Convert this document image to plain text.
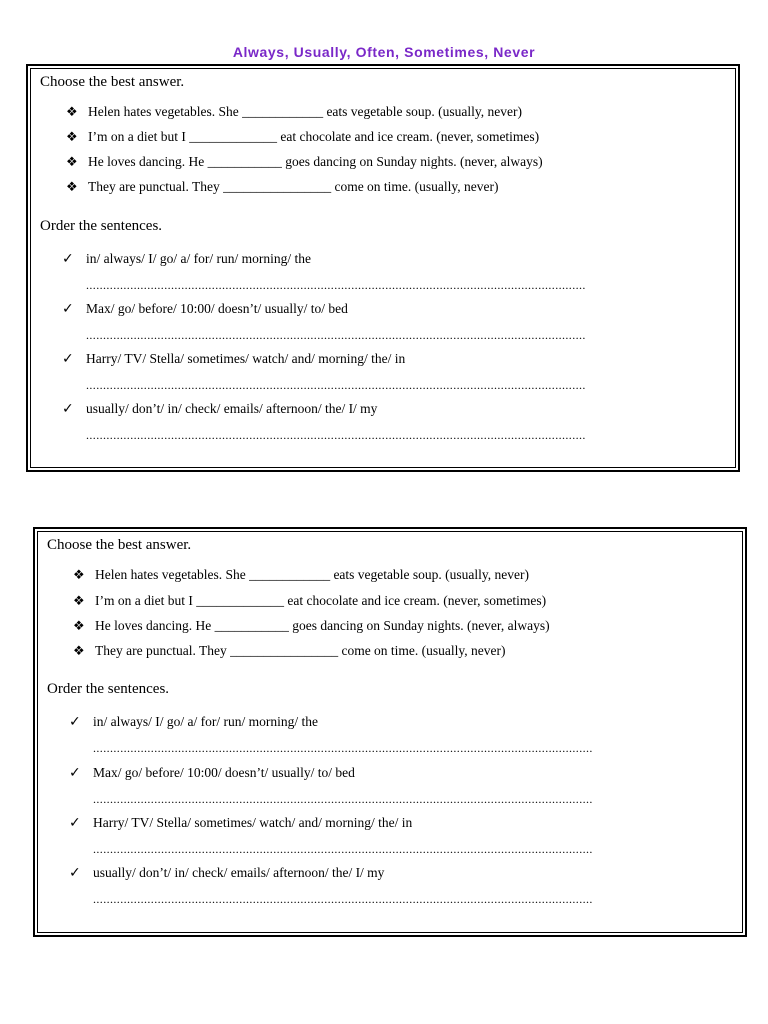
Always, Usually, Often, Sometimes, Never
Choose the best answer.
❖ Helen hates vegetables. She ____________ eats vegetable soup. (usually, never)
❖ I’m on a diet but I _____________ eat chocolate and ice cream. (never, sometimes)
❖ He loves dancing. He ___________ goes dancing on Sunday nights. (never, always)
❖ They are punctual. They ________________ come on time. (usually, never)
Order the sentences.
✓ in/ always/ I/ go/ a/ for/ run/ morning/ the
...................................................................................................................................................
✓ Max/ go/ before/ 10:00/ doesn’t/ usually/ to/ bed
...................................................................................................................................................
✓ Harry/ TV/ Stella/ sometimes/ watch/ and/ morning/ the/ in
...................................................................................................................................................
✓ usually/ don’t/ in/ check/ emails/ afternoon/ the/ I/ my
...................................................................................................................................................
Choose the best answer.
❖ Helen hates vegetables. She ____________ eats vegetable soup. (usually, never)
❖ I’m on a diet but I _____________ eat chocolate and ice cream. (never, sometimes)
❖ He loves dancing. He ___________ goes dancing on Sunday nights. (never, always)
❖ They are punctual. They ________________ come on time. (usually, never)
Order the sentences.
✓ in/ always/ I/ go/ a/ for/ run/ morning/ the
...................................................................................................................................................
✓ Max/ go/ before/ 10:00/ doesn’t/ usually/ to/ bed
...................................................................................................................................................
✓ Harry/ TV/ Stella/ sometimes/ watch/ and/ morning/ the/ in
...................................................................................................................................................
✓ usually/ don’t/ in/ check/ emails/ afternoon/ the/ I/ my
...................................................................................................................................................
